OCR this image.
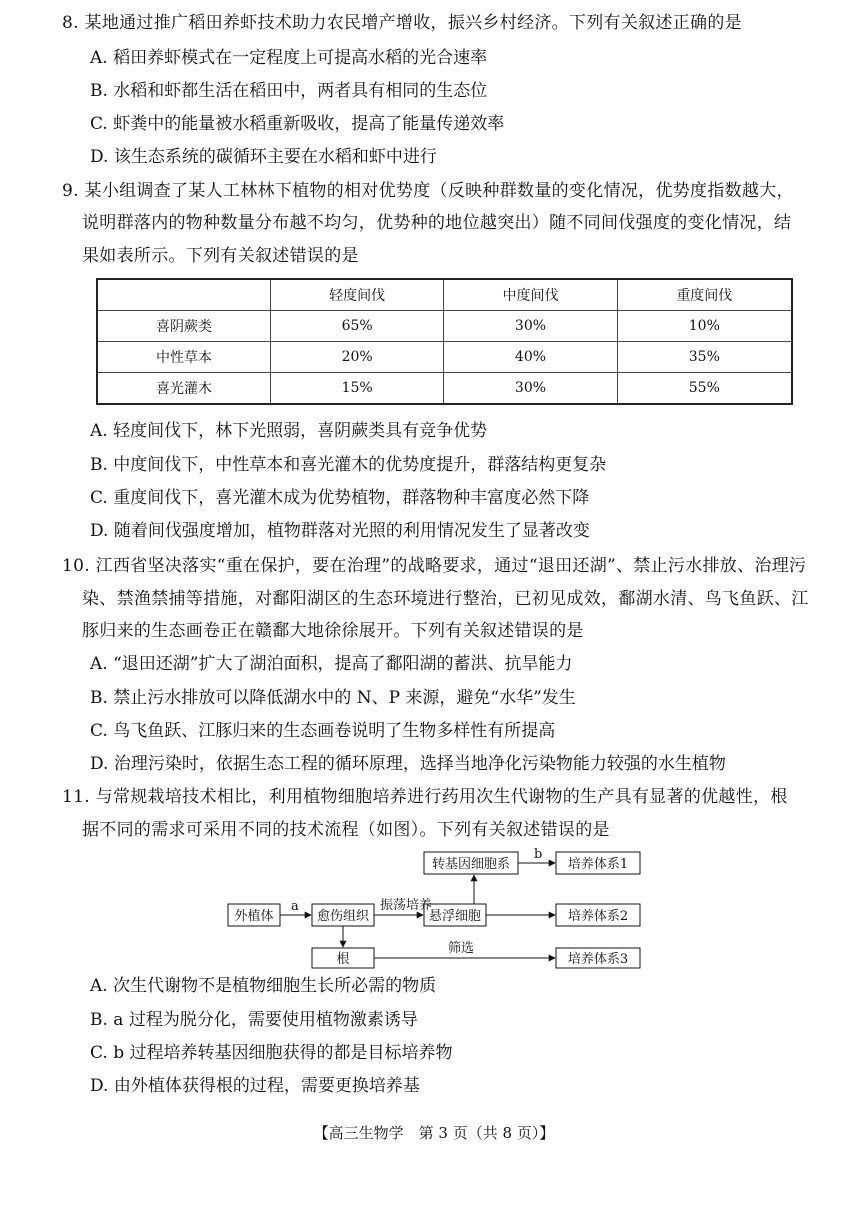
8. 某地通过推广稻田养虾技术助力农民增产增收，振兴乡村经济。下列有关叙述正确的是
A. 稻田养虾模式在一定程度上可提高水稻的光合速率
B. 水稻和虾都生活在稻田中，两者具有相同的生态位
C. 虾粪中的能量被水稻重新吸收，提高了能量传递效率
D. 该生态系统的碳循环主要在水稻和虾中进行
9. 某小组调查了某人工林林下植物的相对优势度（反映种群数量的变化情况，优势度指数越大，
说明群落内的物种数量分布越不均匀，优势种的地位越突出）随不同间伐强度的变化情况，结
果如表所示。下列有关叙述错误的是
	轻度间伐	中度间伐	重度间伐
喜阴蕨类	65%	30%	10%
中性草本	20%	40%	35%
喜光灌木	15%	30%	55%
A. 轻度间伐下，林下光照弱，喜阴蕨类具有竞争优势
B. 中度间伐下，中性草本和喜光灌木的优势度提升，群落结构更复杂
C. 重度间伐下，喜光灌木成为优势植物，群落物种丰富度必然下降
D. 随着间伐强度增加，植物群落对光照的利用情况发生了显著改变
10. 江西省坚决落实“重在保护，要在治理”的战略要求，通过“退田还湖”、禁止污水排放、治理污
染、禁渔禁捕等措施，对鄱阳湖区的生态环境进行整治，已初见成效，鄱湖水清、鸟飞鱼跃、江
豚归来的生态画卷正在赣鄱大地徐徐展开。下列有关叙述错误的是
A. “退田还湖”扩大了湖泊面积，提高了鄱阳湖的蓄洪、抗旱能力
B. 禁止污水排放可以降低湖水中的 N、P 来源，避免“水华”发生
C. 鸟飞鱼跃、江豚归来的生态画卷说明了生物多样性有所提高
D. 治理污染时，依据生态工程的循环原理，选择当地净化污染物能力较强的水生植物
11. 与常规栽培技术相比，利用植物细胞培养进行药用次生代谢物的生产具有显著的优越性，根
据不同的需求可采用不同的技术流程（如图）。下列有关叙述错误的是
外植体	愈伤组织	悬浮细胞
转基因细胞系
根
培养体系1
培养体系2
培养体系3
a
b
振荡培养
筛选
A. 次生代谢物不是植物细胞生长所必需的物质
B. a 过程为脱分化，需要使用植物激素诱导
C. b 过程培养转基因细胞获得的都是目标培养物
D. 由外植体获得根的过程，需要更换培养基
【高三生物学　第 3 页（共 8 页）】
